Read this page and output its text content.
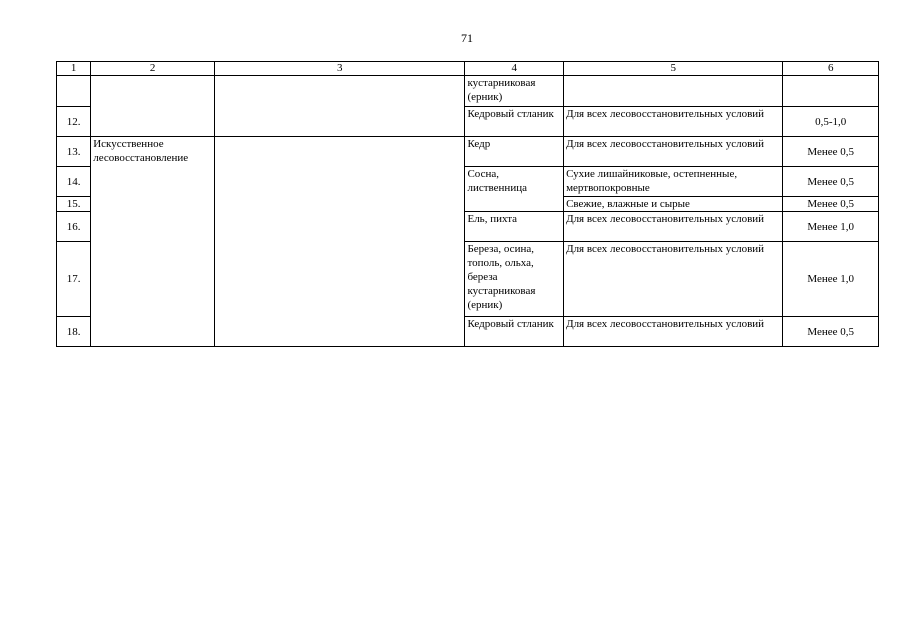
71
1	2	3	4	5	6
			кустарниковая (ерник)		
12.			Кедровый стланик	Для всех лесовосстановительных условий	0,5-1,0
13.	Искусственное лесовосстановление		Кедр	Для всех лесовосстановительных условий	Менее 0,5
14.			Сосна, лиственница	Сухие лишайниковые, остепненные, мертвопокровные	Менее 0,5
15.				Свежие, влажные и сырые	Менее 0,5
16.			Ель, пихта	Для всех лесовосстановительных условий	Менее 1,0
17.			Береза, осина, тополь, ольха, береза кустарниковая (ерник)	Для всех лесовосстановительных условий	Менее 1,0
18.			Кедровый стланик	Для всех лесовосстановительных условий	Менее 0,5
